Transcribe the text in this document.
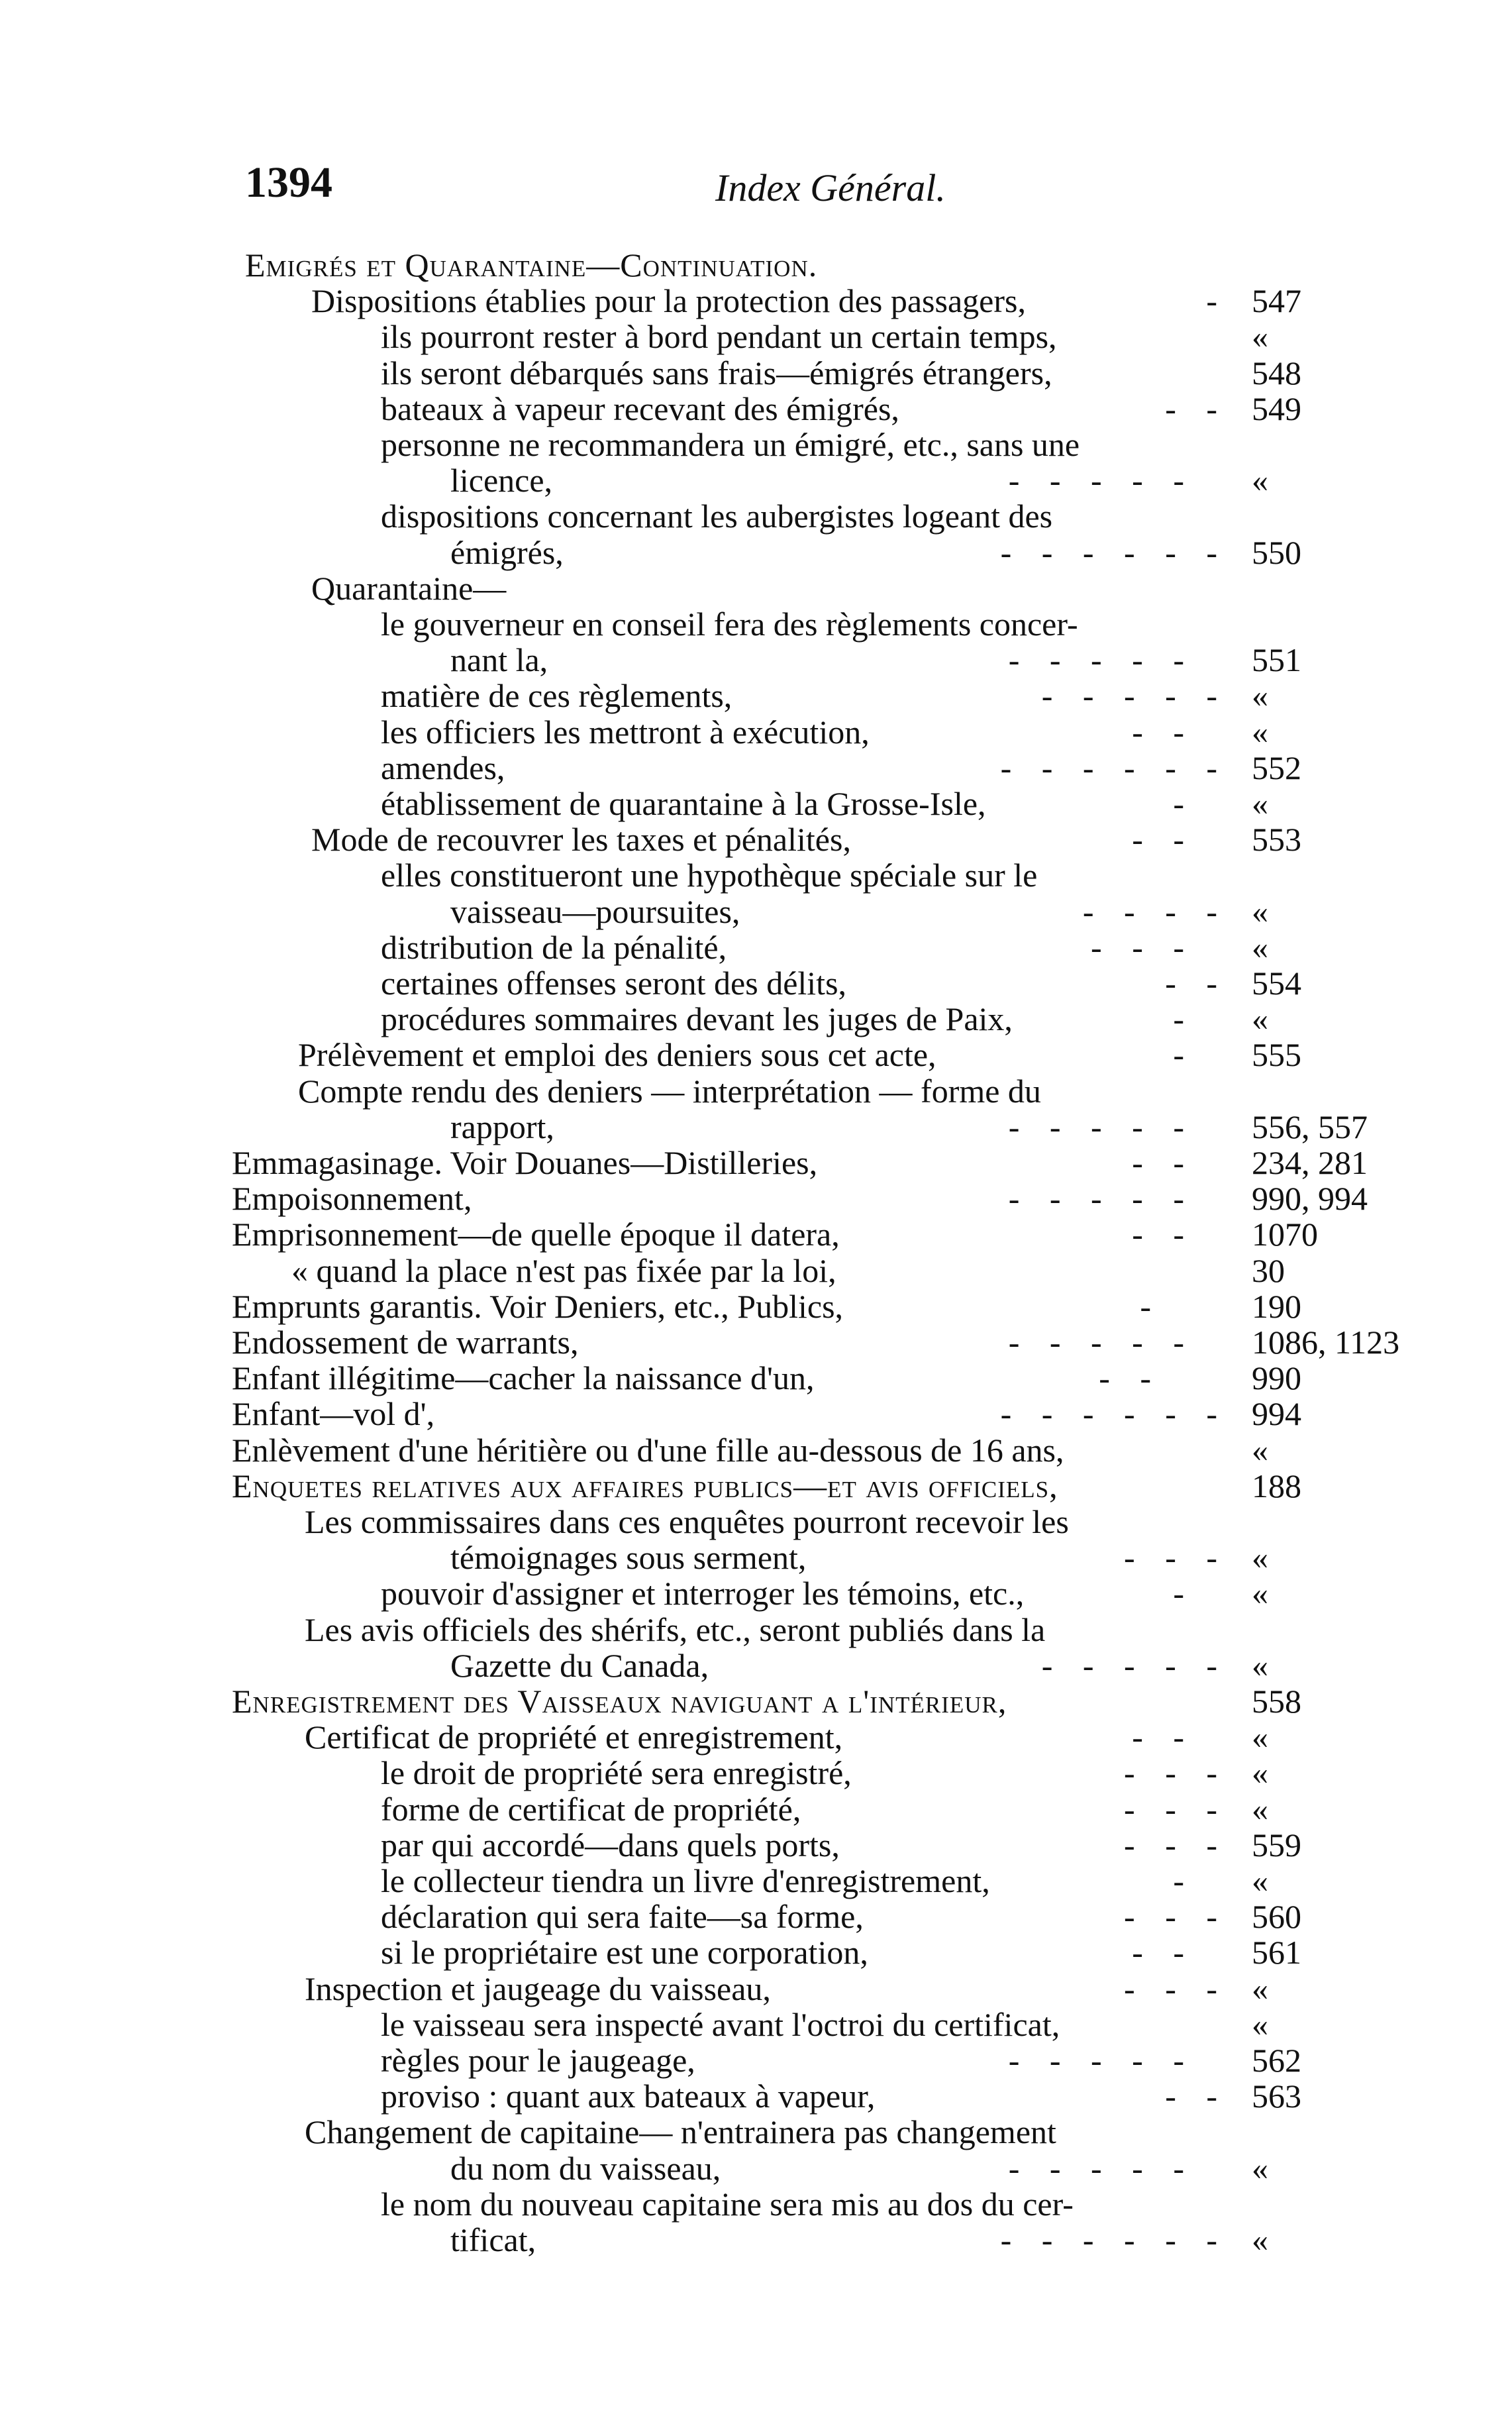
1394	Index Général.
Emigrés et Quarantaine—Continuation.
Dispositions établies pour la protection des passagers,	- 547
ils pourront rester à bord pendant un certain temps,	«
ils seront débarqués sans frais—émigrés étrangers,	548
bateaux à vapeur recevant des émigrés,	-   - 549
personne ne recommandera un émigré, etc., sans une
licence,	-   -   -   -   - «
dispositions concernant les aubergistes logeant des
émigrés,	-   -   -   -   -   - 550
Quarantaine—
le gouverneur en conseil fera des règlements concer-
nant la,	-   -   -   -   - 551
matière de ces règlements,	-   -   -   -   - «
les officiers les mettront à exécution,	-   - «
amendes,	-   -   -   -   -   - 552
établissement de quarantaine à la Grosse-Isle,	- «
Mode de recouvrer les taxes et pénalités,	-   - 553
elles constitueront une hypothèque spéciale sur le
vaisseau—poursuites,	-   -   -   - «
distribution de la pénalité,	-   -   - «
certaines offenses seront des délits,	-   - 554
procédures sommaires devant les juges de Paix,	- «
Prélèvement et emploi des deniers sous cet acte,	- 555
Compte rendu des deniers — interprétation — forme du
rapport,	-   -   -   -   - 556, 557
Emmagasinage. Voir Douanes—Distilleries,	-   - 234, 281
Empoisonnement,	-   -   -   -   - 990, 994
Emprisonnement—de quelle époque il datera,	-   - 1070
« quand la place n'est pas fixée par la loi,	30
Emprunts garantis. Voir Deniers, etc., Publics,	-	190
Endossement de warrants,	-   -   -   -   - 1086, 1123
Enfant illégitime—cacher la naissance d'un,	-   -	990
Enfant—vol d',	-   -   -   -   -   - 994
Enlèvement d'une héritière ou d'une fille au-dessous de 16 ans,	«
Enquetes relatives aux affaires publics—et avis officiels,	188
Les commissaires dans ces enquêtes pourront recevoir les
témoignages sous serment,	-   -   - «
pouvoir d'assigner et interroger les témoins, etc.,	- «
Les avis officiels des shérifs, etc., seront publiés dans la
Gazette du Canada,	-   -   -   -   - «
Enregistrement des Vaisseaux naviguant a l'intérieur,	558
Certificat de propriété et enregistrement,	-   - «
le droit de propriété sera enregistré,	-   -   - «
forme de certificat de propriété,	-   -   - «
par qui accordé—dans quels ports,	-   -   - 559
le collecteur tiendra un livre d'enregistrement,	- «
déclaration qui sera faite—sa forme,	-   -   - 560
si le propriétaire est une corporation,	-   - 561
Inspection et jaugeage du vaisseau,	-   -   - «
le vaisseau sera inspecté avant l'octroi du certificat,	«
règles pour le jaugeage,	-   -   -   -   - 562
proviso : quant aux bateaux à vapeur,	-   - 563
Changement de capitaine— n'entrainera pas changement
du nom du vaisseau,	-   -   -   -   - «
le nom du nouveau capitaine sera mis au dos du cer-
tificat,	-   -   -   -   -   - «
